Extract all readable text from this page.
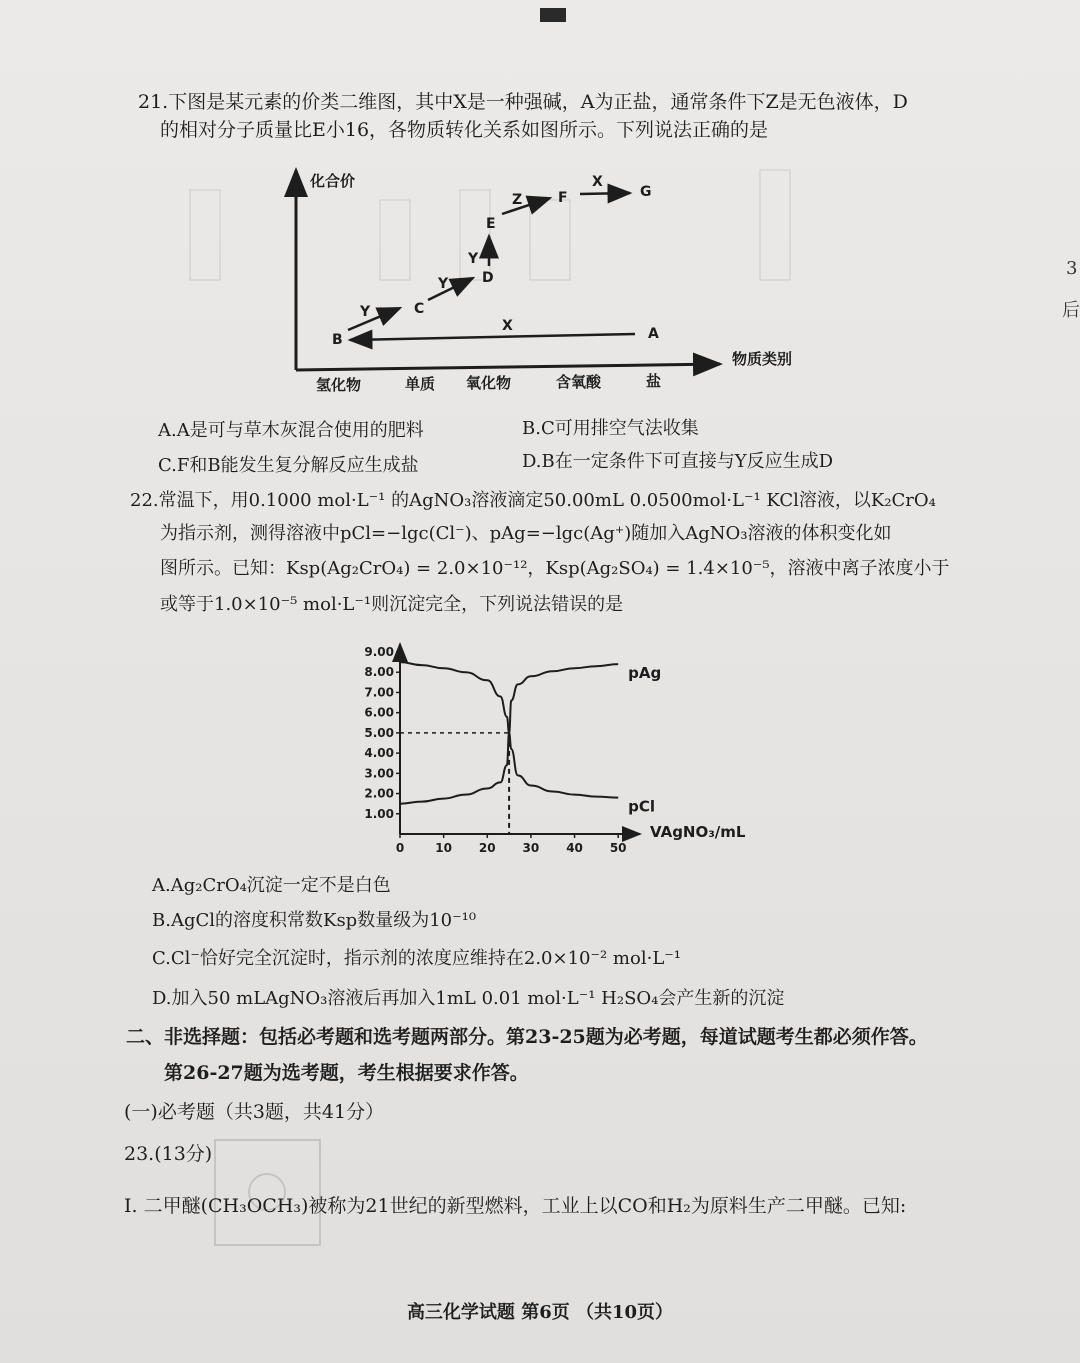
21.下图是某元素的价类二维图，其中X是一种强碱，A为正盐，通常条件下Z是无色液体，D
的相对分子质量比E小16，各物质转化关系如图所示。下列说法正确的是
化合价
物质类别
氢化物	单质 氧化物	含氧酸	盐
B
C
D
E
F	G
A
X
Y
Y
Y
Z
X
A.A是可与草木灰混合使用的肥料	B.C可用排空气法收集
C.F和B能发生复分解反应生成盐	D.B在一定条件下可直接与Y反应生成D
22.常温下，用0.1000 mol·L⁻¹ 的AgNO₃溶液滴定50.00mL 0.0500mol·L⁻¹ KCl溶液，以K₂CrO₄
为指示剂，测得溶液中pCl=−lgc(Cl⁻)、pAg=−lgc(Ag⁺)随加入AgNO₃溶液的体积变化如
图所示。已知：Ksp(Ag₂CrO₄) = 2.0×10⁻¹²，Ksp(Ag₂SO₄) = 1.4×10⁻⁵，溶液中离子浓度小于
或等于1.0×10⁻⁵ mol·L⁻¹则沉淀完全，下列说法错误的是
1.00
2.00
3.00
4.00
5.00
6.00
7.00
8.00
9.00
0	10 20 30 40 50
pCl
pAg
VAgNO₃/mL
A.Ag₂CrO₄沉淀一定不是白色
B.AgCl的溶度积常数Ksp数量级为10⁻¹⁰
C.Cl⁻恰好完全沉淀时，指示剂的浓度应维持在2.0×10⁻² mol·L⁻¹
D.加入50 mLAgNO₃溶液后再加入1mL 0.01 mol·L⁻¹ H₂SO₄会产生新的沉淀
二、非选择题：包括必考题和选考题两部分。第23-25题为必考题，每道试题考生都必须作答。
第26-27题为选考题，考生根据要求作答。
(一)必考题（共3题，共41分）
23.(13分)
Ⅰ. 二甲醚(CH₃OCH₃)被称为21世纪的新型燃料，工业上以CO和H₂为原料生产二甲醚。已知:
高三化学试题 第6页 （共10页）
3
后
